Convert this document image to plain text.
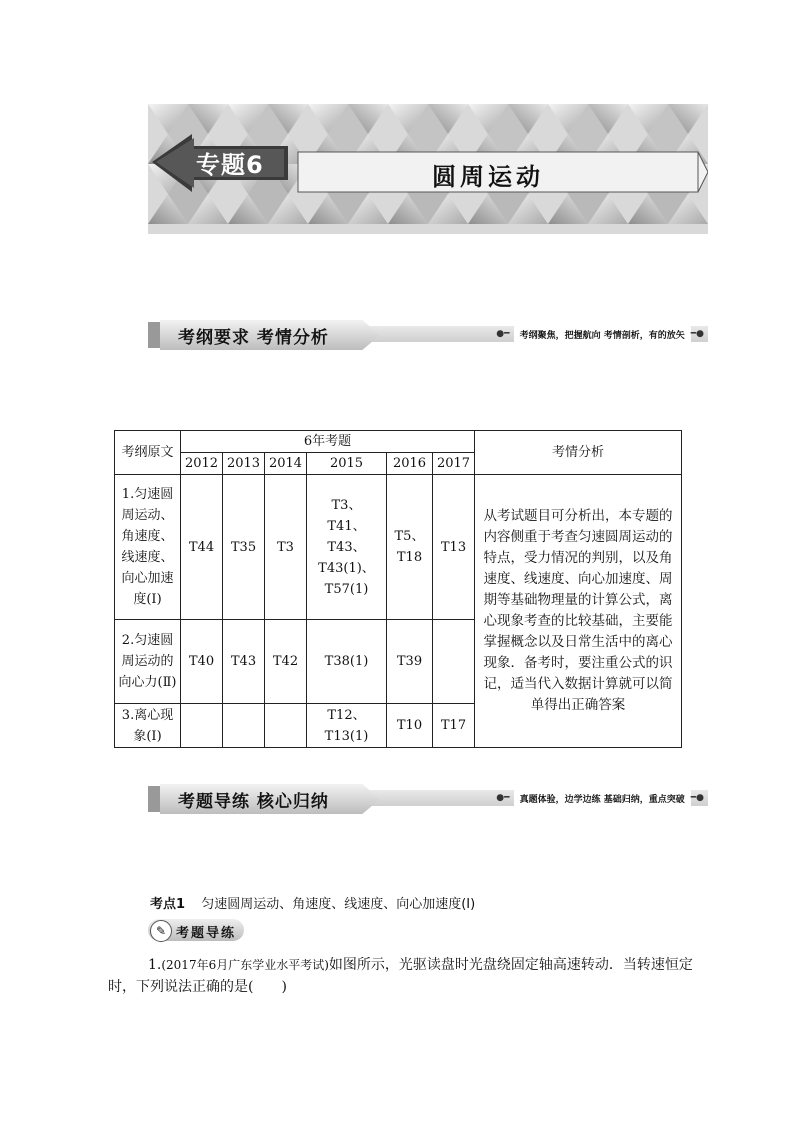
专题6	圆周运动
考纲要求 考情分析	●━	考纲聚焦，把握航向 考情剖析，有的放矢 ━●
考纲原文	6年考题						考情分析
	2012	2013	2014	2015	2016	2017	
1.匀速圆周运动、角速度、线速度、向心加速度(Ⅰ)	T44	T35	T3	T3、T41、T43、T43(1)、T57(1)	T5、T18	T13	从考试题目可分析出，本专题的内容侧重于考查匀速圆周运动的特点，受力情况的判别，以及角速度、线速度、向心加速度、周期等基础物理量的计算公式，离心现象考查的比较基础，主要能掌握概念以及日常生活中的离心现象．备考时，要注重公式的识记，适当代入数据计算就可以简单得出正确答案
2.匀速圆周运动的向心力(Ⅱ)	T40	T43	T42	T38(1)	T39		
3.离心现象(Ⅰ)				T12、T13(1)	T10	T17	
考题导练 核心归纳	●━	真题体验，边学边练 基础归纳，重点突破 ━●
考点1 匀速圆周运动、角速度、线速度、向心加速度(Ⅰ)
✎ 考题导练
1.(2017年6月广东学业水平考试)如图所示，光驱读盘时光盘绕固定轴高速转动．当转速恒定时，下列说法正确的是(　　)
